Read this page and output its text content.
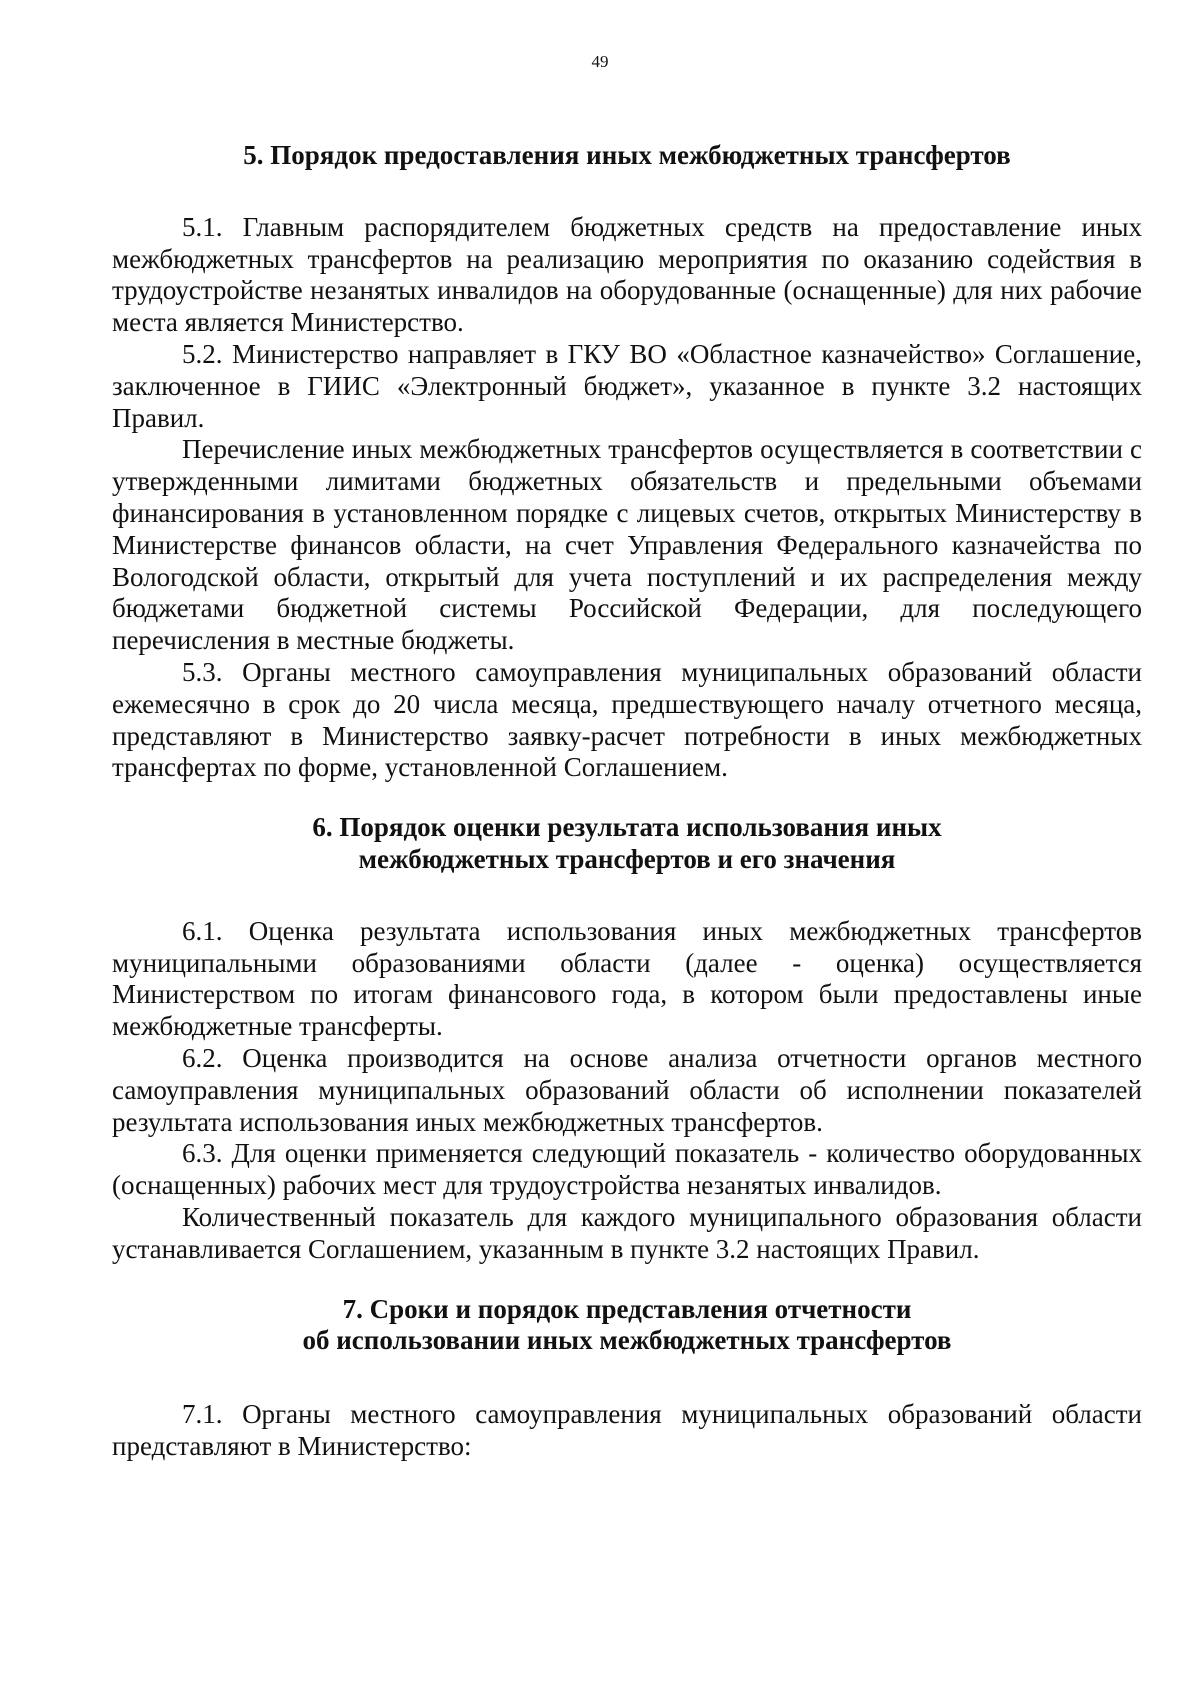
49
5. Порядок предоставления иных межбюджетных трансфертов

5.1. Главным распорядителем бюджетных средств на предоставление иных межбюджетных трансфертов на реализацию мероприятия по оказанию содействия в трудоустройстве незанятых инвалидов на оборудованные (оснащенные) для них рабочие места является Министерство.

5.2. Министерство направляет в ГКУ ВО «Областное казначейство» Соглашение, заключенное в ГИИС «Электронный бюджет», указанное в пункте 3.2 настоящих Правил.

Перечисление иных межбюджетных трансфертов осуществляется в соответствии с утвержденными лимитами бюджетных обязательств и предельными объемами финансирования в установленном порядке с лицевых счетов, открытых Министерству в Министерстве финансов области, на счет Управления Федерального казначейства по Вологодской области, открытый для учета поступлений и их распределения между бюджетами бюджетной системы Российской Федерации, для последующего перечисления в местные бюджеты.

5.3. Органы местного самоуправления муниципальных образований области ежемесячно в срок до 20 числа месяца, предшествующего началу отчетного месяца, представляют в Министерство заявку-расчет потребности в иных межбюджетных трансфертах по форме, установленной Соглашением.

6. Порядок оценки результата использования иных
межбюджетных трансфертов и его значения

6.1. Оценка результата использования иных межбюджетных трансфертов муниципальными образованиями области (далее - оценка) осуществляется Министерством по итогам финансового года, в котором были предоставлены иные межбюджетные трансферты.

6.2. Оценка производится на основе анализа отчетности органов местного самоуправления муниципальных образований области об исполнении показателей результата использования иных межбюджетных трансфертов.

6.3. Для оценки применяется следующий показатель - количество оборудованных (оснащенных) рабочих мест для трудоустройства незанятых инвалидов.

Количественный показатель для каждого муниципального образования области устанавливается Соглашением, указанным в пункте 3.2 настоящих Правил.

7. Сроки и порядок представления отчетности
об использовании иных межбюджетных трансфертов

7.1. Органы местного самоуправления муниципальных образований области представляют в Министерство:
